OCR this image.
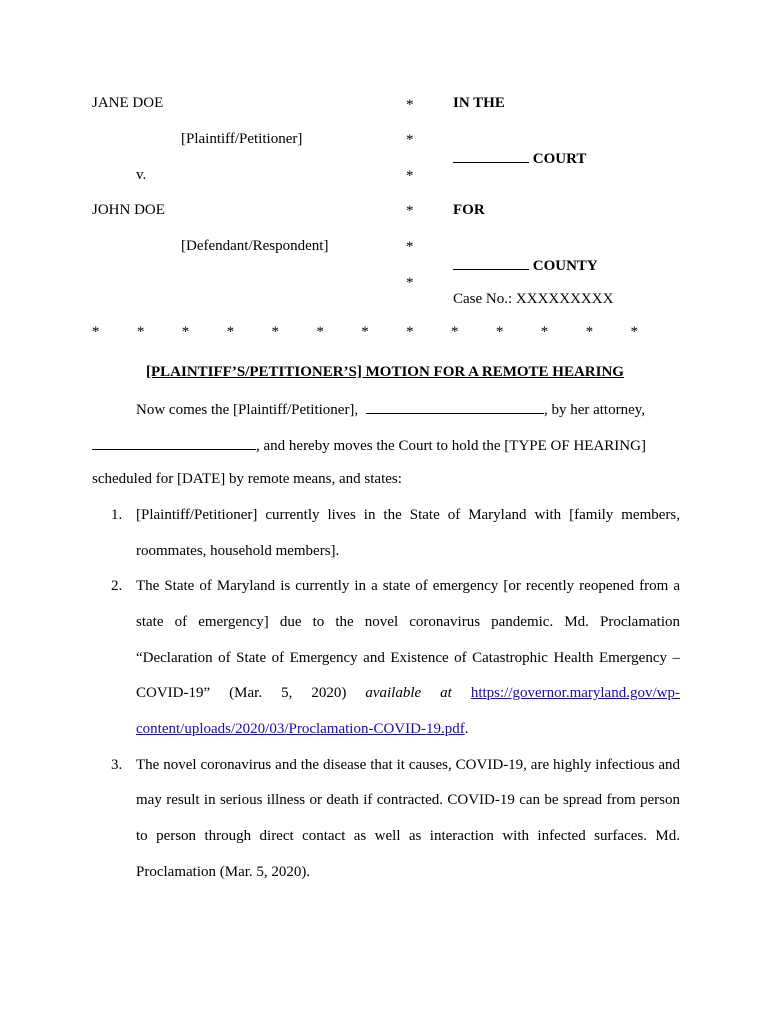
JANE DOE
[Plaintiff/Petitioner]
v.
JOHN DOE
[Defendant/Respondent]
*
*
*
*
*
*
IN THE
COURT
FOR
COUNTY
Case No.: XXXXXXXXX
* * * * * * * * * * * * *
[PLAINTIFF’S/PETITIONER’S] MOTION FOR A REMOTE HEARING
Now comes the [Plaintiff/Petitioner],	, by her attorney,
, and hereby moves the Court to hold the [TYPE OF HEARING]
scheduled for [DATE] by remote means, and states:
1. [Plaintiff/Petitioner] currently lives in the State of Maryland with [family members,
roommates, household members].
2. The State of Maryland is currently in a state of emergency [or recently reopened from a
state of emergency] due to the novel coronavirus pandemic. Md. Proclamation
“Declaration of State of Emergency and Existence of Catastrophic Health Emergency –
COVID-19” (Mar. 5, 2020) available at https://governor.maryland.gov/wp-
content/uploads/2020/03/Proclamation-COVID-19.pdf.
3. The novel coronavirus and the disease that it causes, COVID-19, are highly infectious and
may result in serious illness or death if contracted. COVID-19 can be spread from person
to person through direct contact as well as interaction with infected surfaces. Md.
Proclamation (Mar. 5, 2020).
